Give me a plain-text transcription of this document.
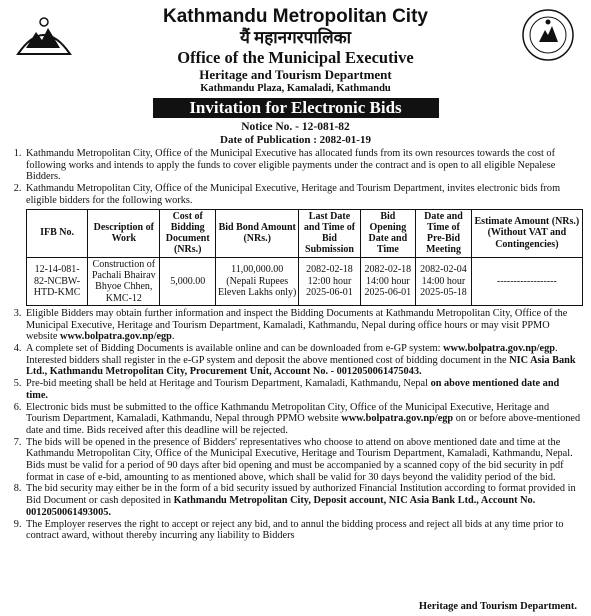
Kathmandu Metropolitan City
यैं महानगरपालिका
Office of the Municipal Executive
Heritage and Tourism Department
Kathmandu Plaza, Kamaladi, Kathmandu
Invitation for Electronic Bids
Notice No. - 12-081-82
Date of Publication : 2082-01-19
1. Kathmandu Metropolitan City, Office of the Municipal Executive has allocated funds from its own resources towards the cost of following works and intends to apply the funds to cover eligible payments under the contract and is open to all eligible Nepalese Bidders.
2. Kathmandu Metropolitan City, Office of the Municipal Executive, Heritage and Tourism Department, invites electronic bids from eligible bidders for the following works.
IFB No.	Description of Work	Cost of Bidding Document (NRs.)	Bid Bond Amount (NRs.)	Last Date and Time of Bid Submission	Bid Opening Date and Time	Date and Time of Pre-Bid Meeting	Estimate Amount (NRs.) (Without VAT and Contingencies)
12-14-081-82-NCBW-HTD-KMC	Construction of Pachali Bhairav Bhyoe Chhen, KMC-12	5,000.00	11,00,000.00 (Nepali Rupees Eleven Lakhs only)	2082-02-18 12:00 hour 2025-06-01	2082-02-18 14:00 hour 2025-06-01	2082-02-04 14:00 hour 2025-05-18	------------------
3. Eligible Bidders may obtain further information and inspect the Bidding Documents at Kathmandu Metropolitan City, Office of the Municipal Executive, Heritage and Tourism Department, Kamaladi, Kathmandu, Nepal during office hours or may visit PPMO website www.bolpatra.gov.np/egp.
4. A complete set of Bidding Documents is available online and can be downloaded from e-GP system: www.bolpatra.gov.np/egp. Interested bidders shall register in the e-GP system and deposit the above mentioned cost of bidding document in the NIC Asia Bank Ltd., Kathmandu Metropolitan City, Procurement Unit, Account No. - 0012050061475043.
5. Pre-bid meeting shall be held at Heritage and Tourism Department, Kamaladi, Kathmandu, Nepal on above mentioned date and time.
6. Electronic bids must be submitted to the office Kathmandu Metropolitan City, Office of the Municipal Executive, Heritage and Tourism Department, Kamaladi, Kathmandu, Nepal through PPMO website www.bolpatra.gov.np/egp on or before above-mentioned date and time. Bids received after this deadline will be rejected.
7. The bids will be opened in the presence of Bidders' representatives who choose to attend on above mentioned date and time at the Kathmandu Metropolitan City, Office of the Municipal Executive, Heritage and Tourism Department, Kamaladi, Kathmandu, Nepal. Bids must be valid for a period of 90 days after bid opening and must be accompanied by a scanned copy of the bid security in pdf format in case of e-bid, amounting to as mentioned above, which shall be valid for 30 days beyond the validity period of the bid.
8. The bid security may either be in the form of a bid security issued by authorized Financial Institution according to format provided in Bid Document or cash deposited in Kathmandu Metropolitan City, Deposit account, NIC Asia Bank Ltd., Account No. 0012050061493005.
9. The Employer reserves the right to accept or reject any bid, and to annul the bidding process and reject all bids at any time prior to contract award, without thereby incurring any liability to Bidders
Heritage and Tourism Department.
